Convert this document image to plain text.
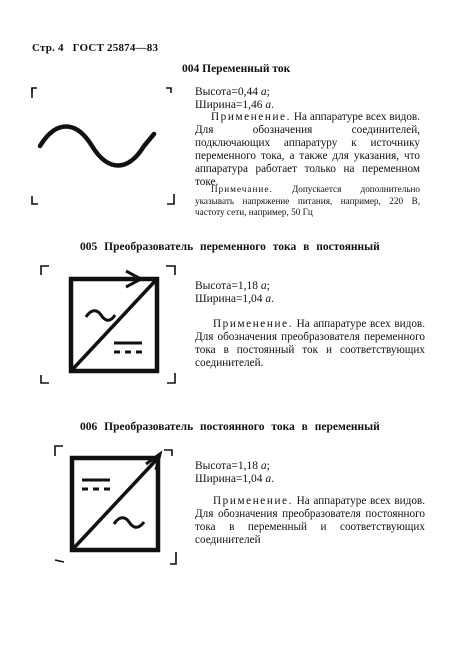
Стр. 4 ГОСТ 25874—83
004 Переменный ток
Высота=0,44 a;
Ширина=1,46 a.
Применение. На аппаратуре всех видов. Для обозначения соединителей, подключающих аппаратуру к источнику переменного тока, а также для указания, что аппаратура работает только на переменном токе.
Примечание. Допускается дополнительно указывать напряжение питания, например, 220 В, частоту сети, например, 50 Гц
005 Преобразователь переменного тока в постоянный
Высота=1,18 a;
Ширина=1,04 a.
Применение. На аппаратуре всех видов. Для обозначения преобразователя переменного тока в постоянный ток и соответствующих соединителей.
006 Преобразователь постоянного тока в переменный
Высота=1,18 a;
Ширина=1,04 a.
Применение. На аппаратуре всех видов. Для обозначения преобразователя постоянного тока в переменный и соответствующих соединителей
